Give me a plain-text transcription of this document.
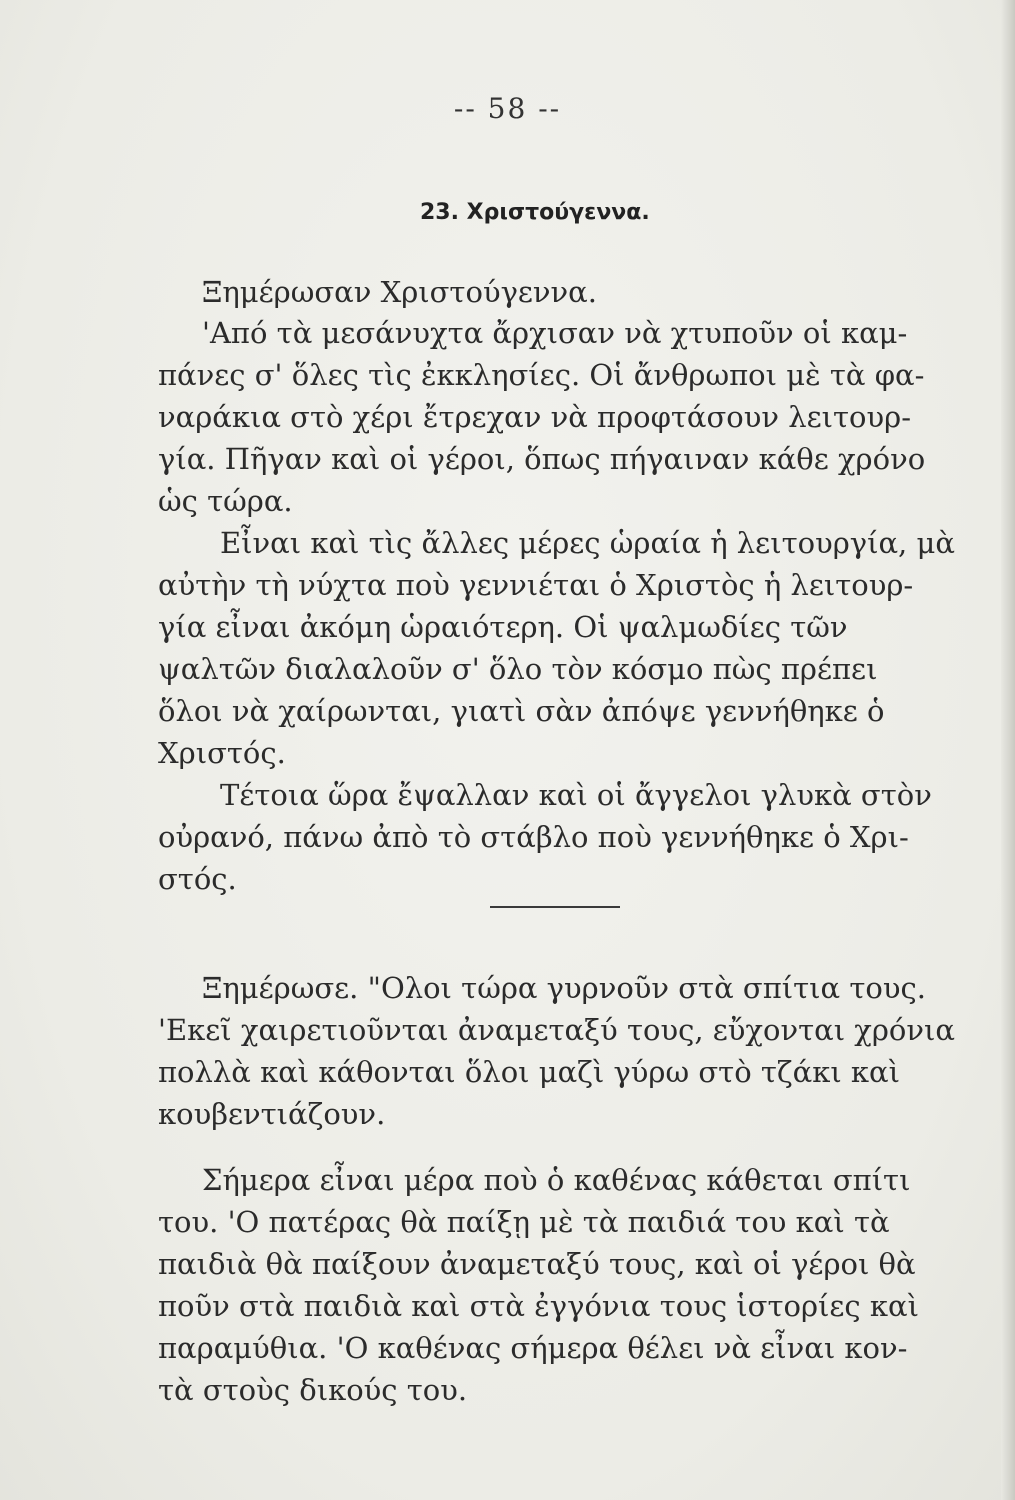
-- 58 --
23. Χριστούγεννα.
Ξημέρωσαν Χριστούγεννα.
'Από τὰ μεσάνυχτα ἄρχισαν νὰ χτυποῦν οἱ καμ-
πάνες σ' ὅλες τὶς ἐκκλησίες. Οἱ ἄνθρωποι μὲ τὰ φα-
ναράκια στὸ χέρι ἔτρεχαν νὰ προφτάσουν λειτουρ-
γία. Πῆγαν καὶ οἱ γέροι, ὅπως πήγαιναν κάθε χρόνο
ὡς τώρα.
Εἶναι καὶ τὶς ἄλλες μέρες ὡραία ἡ λειτουργία, μὰ
αὐτὴν τὴ νύχτα ποὺ γεννιέται ὁ Χριστὸς ἡ λειτουρ-
γία εἶναι ἀκόμη ὡραιότερη. Οἱ ψαλμωδίες τῶν
ψαλτῶν διαλαλοῦν σ' ὅλο τὸν κόσμο πὼς πρέπει
ὅλοι νὰ χαίρωνται, γιατὶ σὰν ἀπόψε γεννήθηκε ὁ
Χριστός.
Τέτοια ὥρα ἔψαλλαν καὶ οἱ ἄγγελοι γλυκὰ στὸν
οὐρανό, πάνω ἀπὸ τὸ στάβλο ποὺ γεννήθηκε ὁ Χρι-
στός.
Ξημέρωσε. "Ολοι τώρα γυρνοῦν στὰ σπίτια τους.
'Εκεῖ χαιρετιοῦνται ἀναμεταξύ τους, εὔχονται χρόνια
πολλὰ καὶ κάθονται ὅλοι μαζὶ γύρω στὸ τζάκι καὶ
κουβεντιάζουν.
Σήμερα εἶναι μέρα ποὺ ὁ καθένας κάθεται σπίτι
του. 'Ο πατέρας θὰ παίξῃ μὲ τὰ παιδιά του καὶ τὰ
παιδιὰ θὰ παίξουν ἀναμεταξύ τους, καὶ οἱ γέροι θὰ
ποῦν στὰ παιδιὰ καὶ στὰ ἐγγόνια τους ἱστορίες καὶ
παραμύθια. 'Ο καθένας σήμερα θέλει νὰ εἶναι κον-
τὰ στοὺς δικούς του.
